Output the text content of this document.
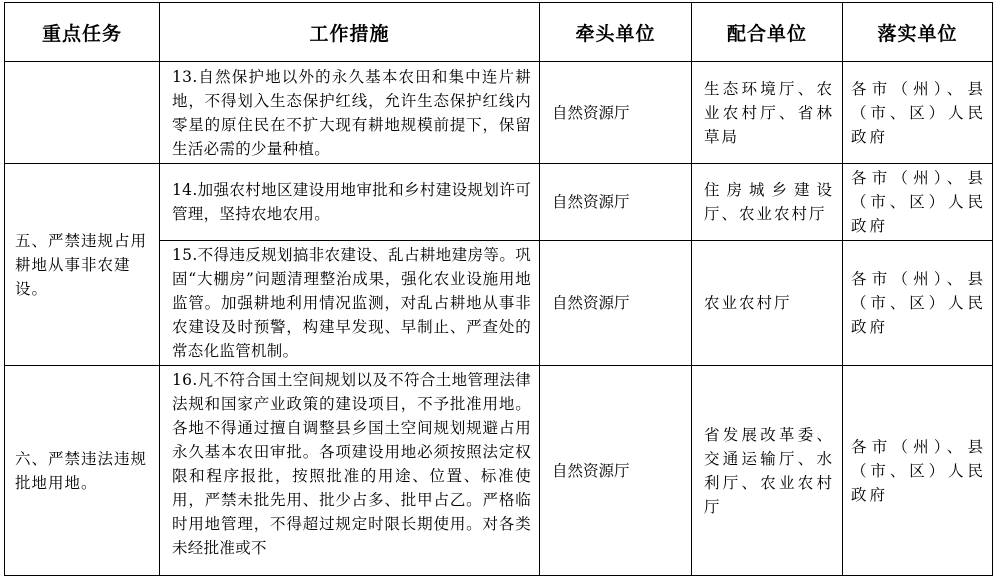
重点任务	工作措施	牵头单位	配合单位	落实单位
	13.自然保护地以外的永久基本农田和集中连片耕地，不得划入生态保护红线，允许生态保护红线内零星的原住民在不扩大现有耕地规模前提下，保留生活必需的少量种植。	自然资源厅	生态环境厅、农业农村厅、省林草局	各市（州）、县（市、区）人民政府
五、严禁违规占用耕地从事非农建设。	14.加强农村地区建设用地审批和乡村建设规划许可管理，坚持农地农用。	自然资源厅	住房城乡建设厅、农业农村厅	各市（州）、县（市、区）人民政府
	15.不得违反规划搞非农建设、乱占耕地建房等。巩固“大棚房”问题清理整治成果，强化农业设施用地监管。加强耕地利用情况监测，对乱占耕地从事非农建设及时预警，构建早发现、早制止、严查处的常态化监管机制。	自然资源厅	农业农村厅	各市（州）、县（市、区）人民政府
六、严禁违法违规批地用地。	16.凡不符合国土空间规划以及不符合土地管理法律法规和国家产业政策的建设项目，不予批准用地。各地不得通过擅自调整县乡国土空间规划规避占用永久基本农田审批。各项建设用地必须按照法定权限和程序报批，按照批准的用途、位置、标准使用，严禁未批先用、批少占多、批甲占乙。严格临时用地管理，不得超过规定时限长期使用。对各类未经批准或不	自然资源厅	省发展改革委、交通运输厅、水利厅、农业农村厅	各市（州）、县（市、区）人民政府
